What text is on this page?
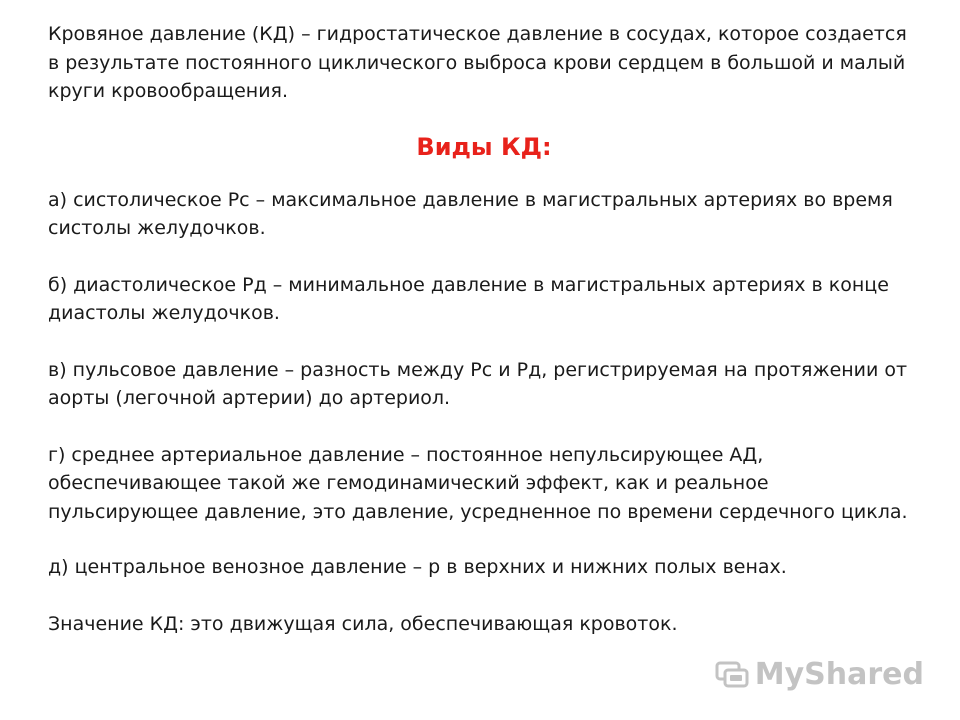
Кровяное давление (КД) – гидростатическое давление в сосудах, которое создается в результате постоянного циклического выброса крови сердцем в большой и малый круги кровообращения.

Виды КД:

а) систолическое Рс – максимальное давление в магистральных артериях во время систолы желудочков.

б) диастолическое Рд – минимальное давление в магистральных артериях в конце диастолы желудочков.

в) пульсовое давление – разность между Рс и Рд, регистрируемая на протяжении от аорты (легочной артерии) до артериол.

г) среднее артериальное давление – постоянное непульсирующее АД, обеспечивающее такой же гемодинамический эффект, как и реальное пульсирующее давление, это давление, усредненное по времени сердечного цикла.

д) центральное венозное давление – р в верхних и нижних полых венах.

Значение КД: это движущая сила, обеспечивающая кровоток.

MyShared
